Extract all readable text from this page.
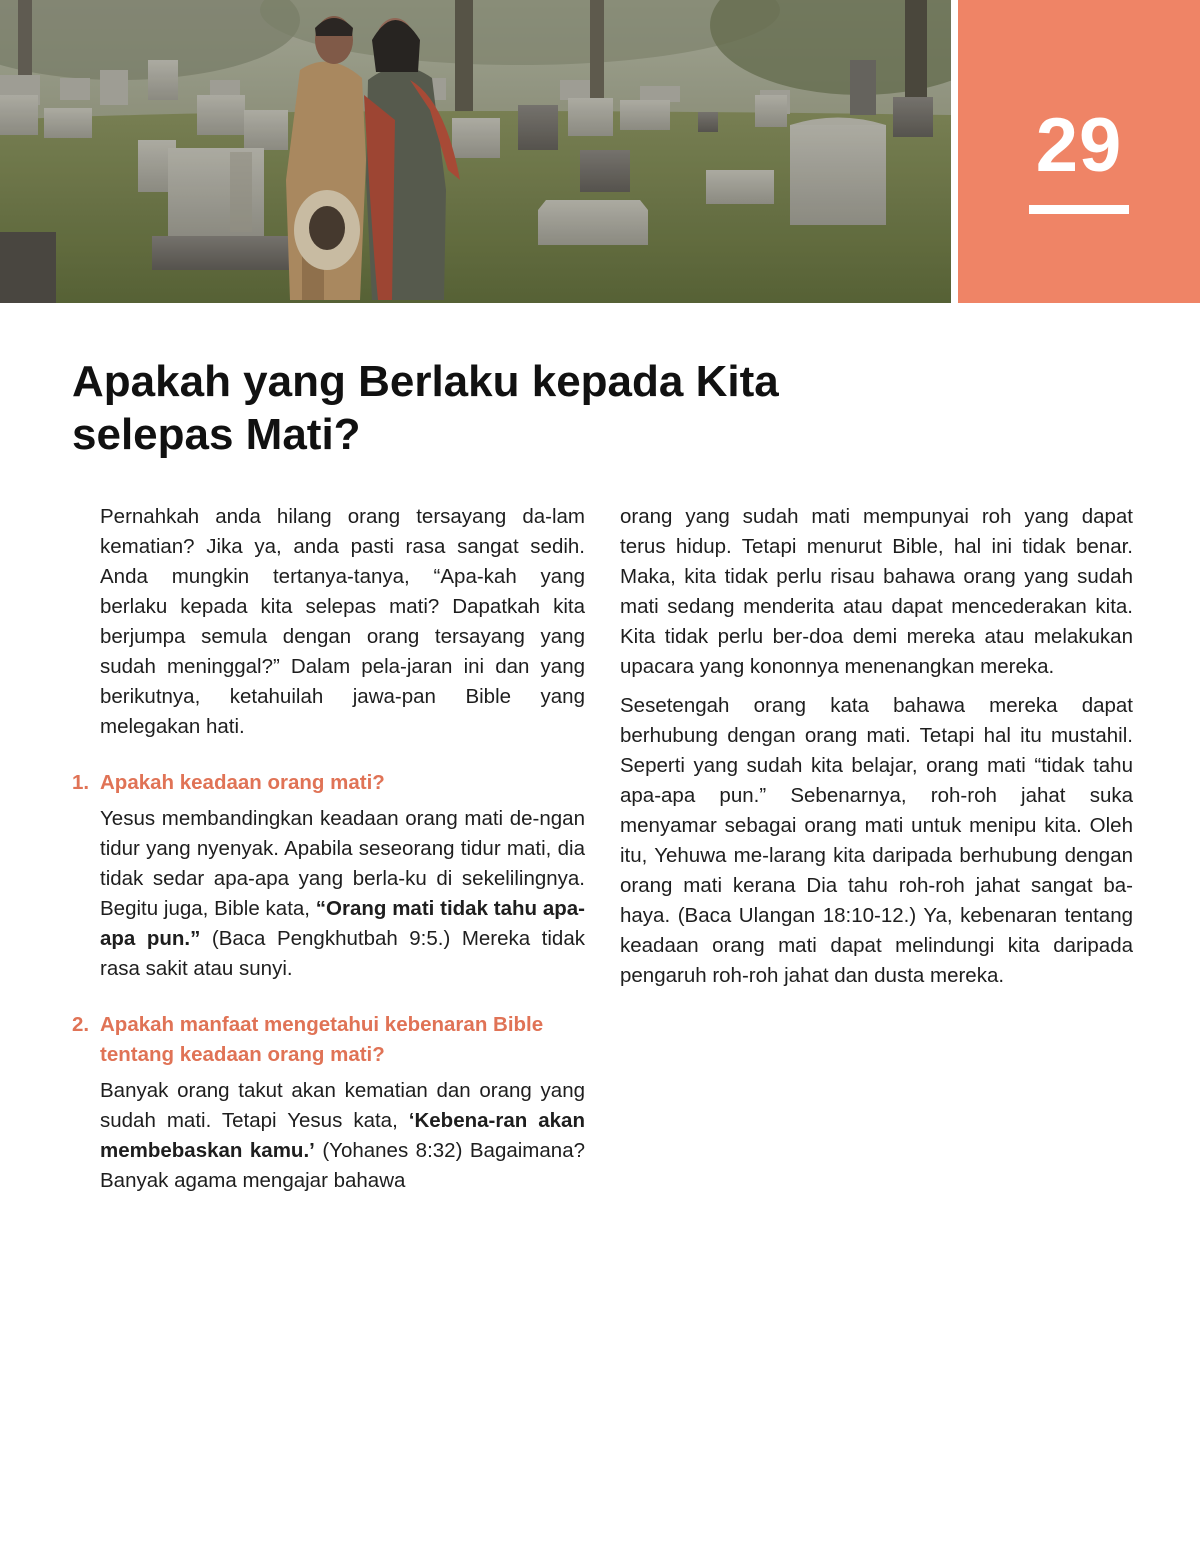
29
Apakah yang Berlaku kepada Kita
selepas Mati?

Pernahkah anda hilang orang tersayang da-lam kematian? Jika ya, anda pasti rasa sangat sedih. Anda mungkin tertanya-tanya, “Apa-kah yang berlaku kepada kita selepas mati? Dapatkah kita berjumpa semula dengan orang tersayang yang sudah meninggal?” Dalam pela-jaran ini dan yang berikutnya, ketahuilah jawa-pan Bible yang melegakan hati.

1. Apakah keadaan orang mati?

Yesus membandingkan keadaan orang mati de-ngan tidur yang nyenyak. Apabila seseorang tidur mati, dia tidak sedar apa-apa yang berla-ku di sekelilingnya. Begitu juga, Bible kata, “Orang mati tidak tahu apa-apa pun.” (Baca Pengkhutbah 9:5.) Mereka tidak rasa sakit atau sunyi.

2. Apakah manfaat mengetahui kebenaran Bible tentang keadaan orang mati?

Banyak orang takut akan kematian dan orang yang sudah mati. Tetapi Yesus kata, ‘Kebena-ran akan membebaskan kamu.’ (Yohanes 8:32) Bagaimana? Banyak agama mengajar bahawa

orang yang sudah mati mempunyai roh yang dapat terus hidup. Tetapi menurut Bible, hal ini tidak benar. Maka, kita tidak perlu risau bahawa orang yang sudah mati sedang menderita atau dapat mencederakan kita. Kita tidak perlu ber-doa demi mereka atau melakukan upacara yang kononnya menenangkan mereka.

Sesetengah orang kata bahawa mereka dapat berhubung dengan orang mati. Tetapi hal itu mustahil. Seperti yang sudah kita belajar, orang mati “tidak tahu apa-apa pun.” Sebenarnya, roh-roh jahat suka menyamar sebagai orang mati untuk menipu kita. Oleh itu, Yehuwa me-larang kita daripada berhubung dengan orang mati kerana Dia tahu roh-roh jahat sangat ba-haya. (Baca Ulangan 18:10-12.) Ya, kebenaran tentang keadaan orang mati dapat melindungi kita daripada pengaruh roh-roh jahat dan dusta mereka.
